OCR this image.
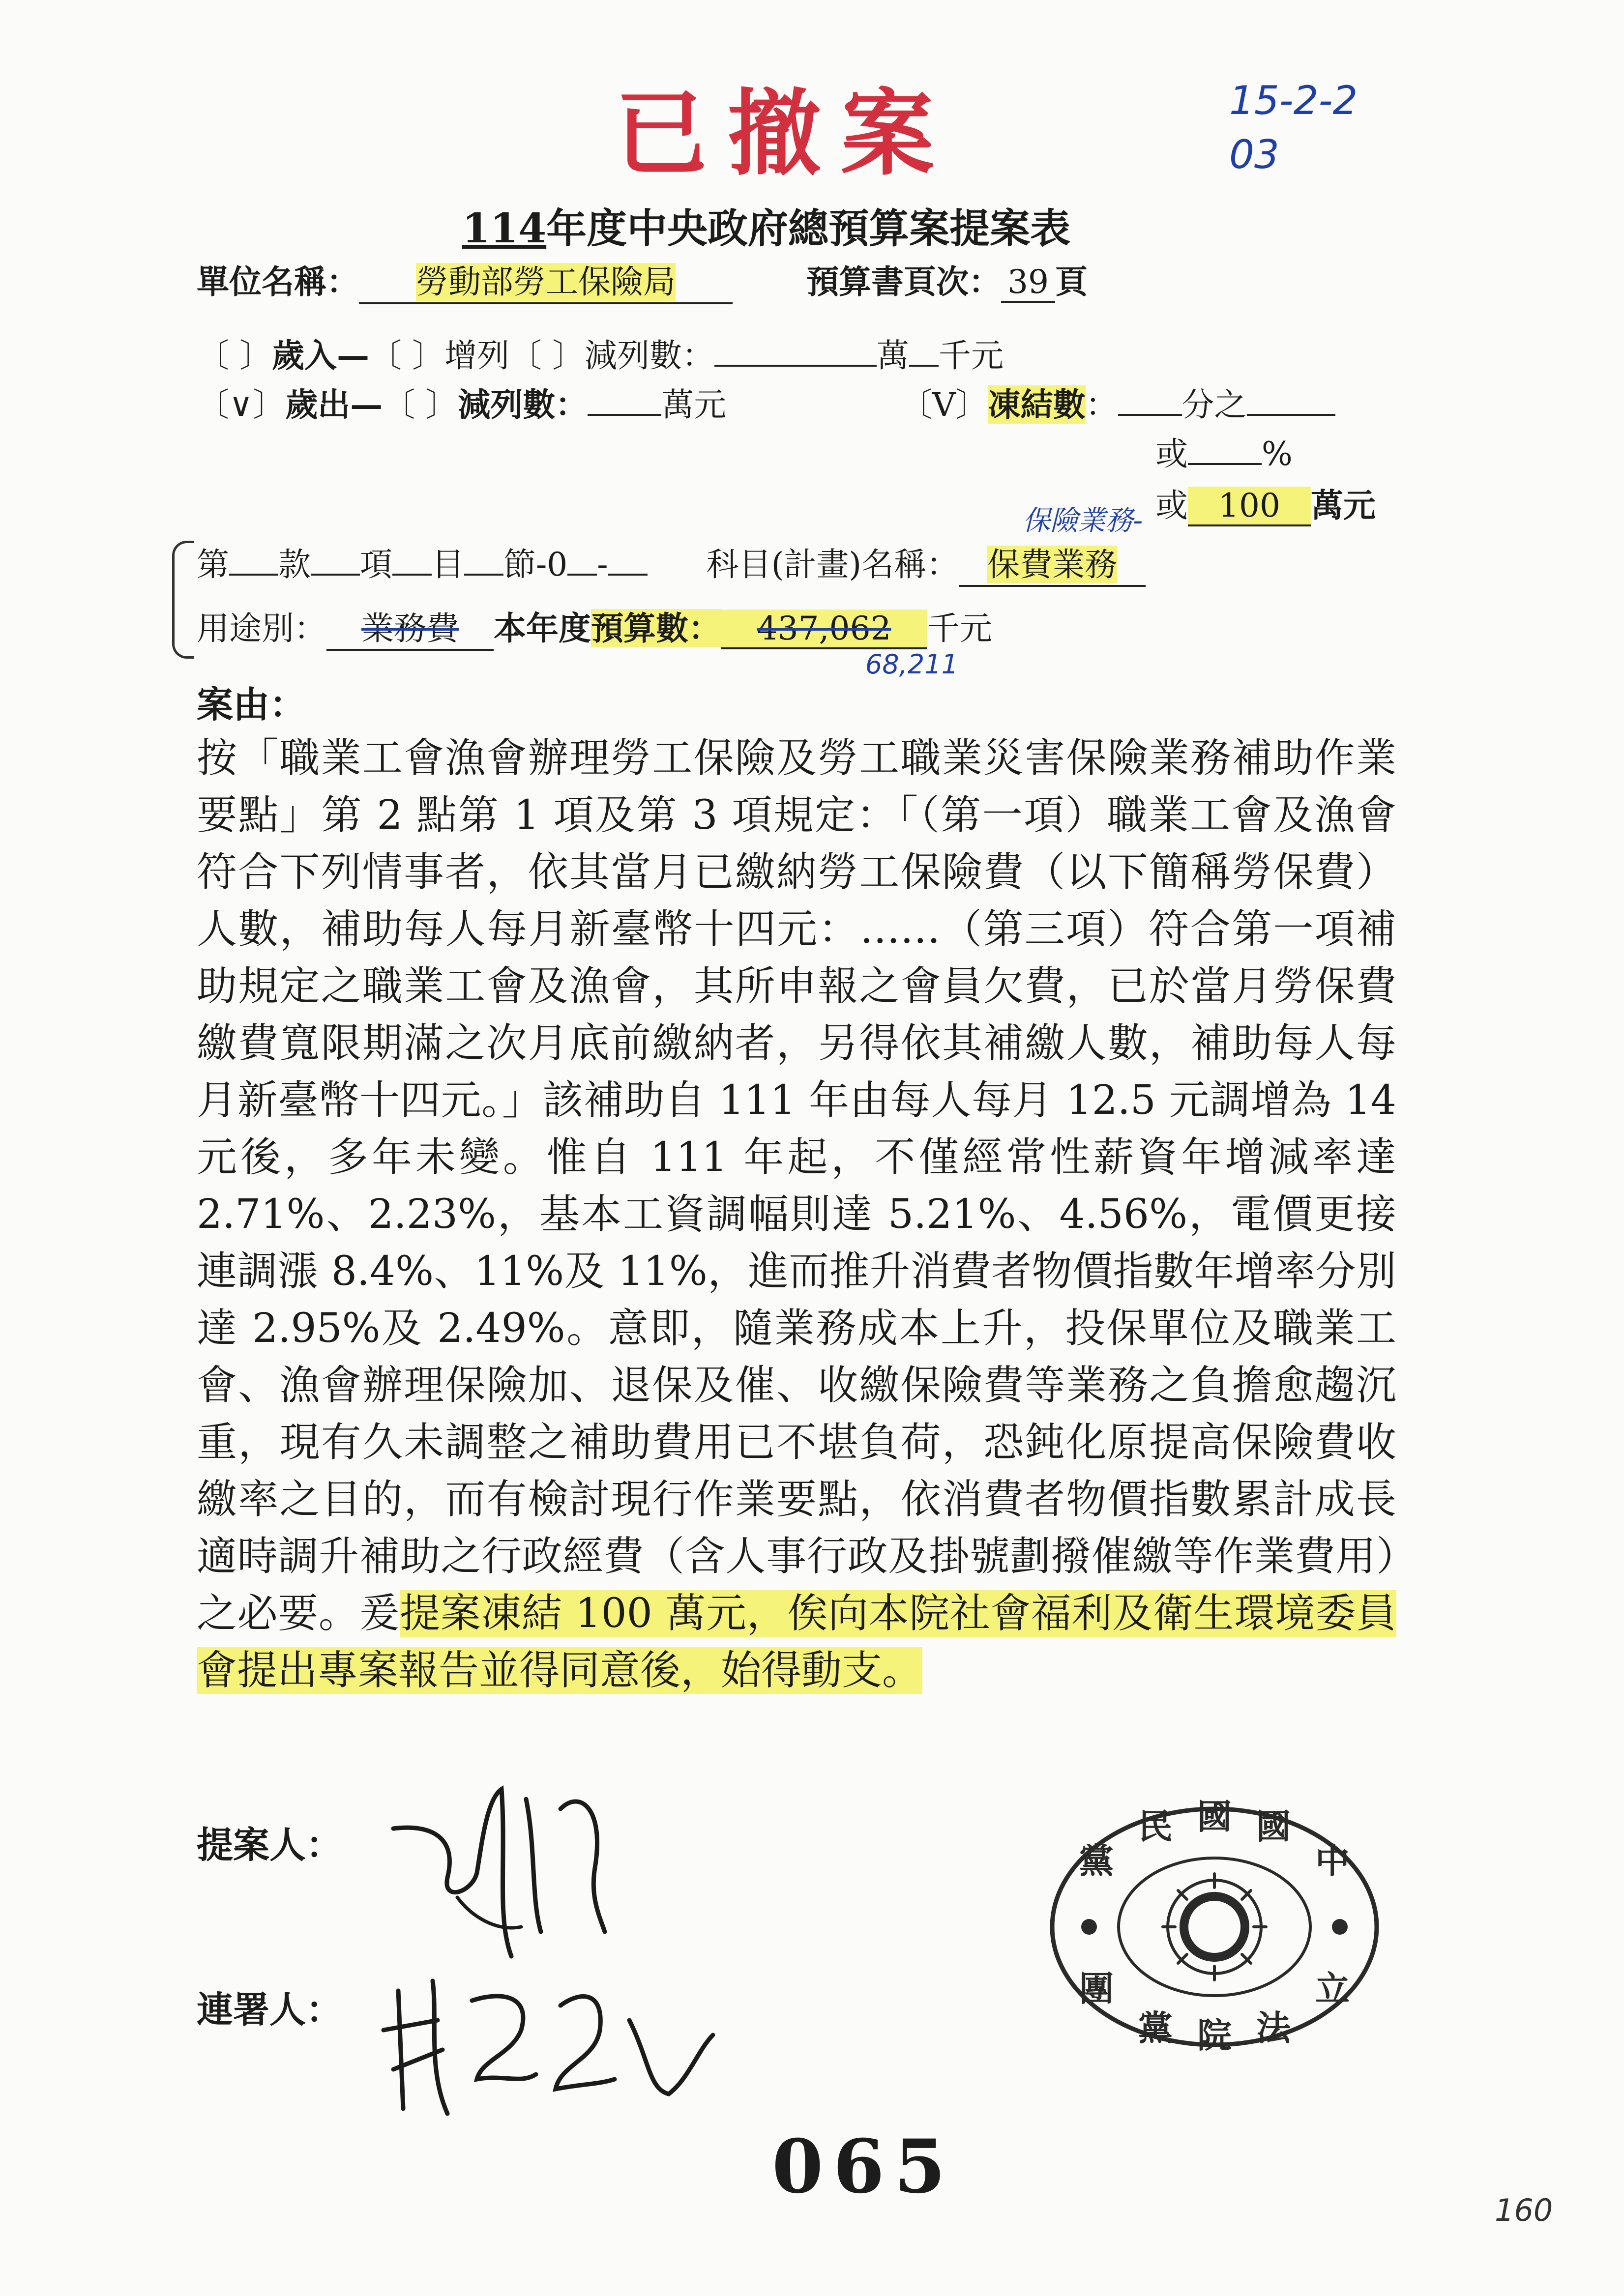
已撤案	15-2-2
03
114年度中央政府總預算案提案表
單位名稱： 勞動部勞工保險局	預算書頁次： 39 頁
〔 〕歲入—〔 〕增列〔 〕減列數：	萬 千元
〔∨〕歲出—〔 〕減列數： 萬元	〔V〕凍結數： 分之
或 %
或 100 萬元
保險業務-
第 款 項 目 節-0 -	科目(計畫)名稱： 保費業務
用途別： 業務費 本年度預算數： 437,062 千元
68,211
案由：
按「職業工會漁會辦理勞工保險及勞工職業災害保險業務補助作業要點」第 2 點第 1 項及第 3 項規定：「（第一項）職業工會及漁會符合下列情事者，依其當月已繳納勞工保險費（以下簡稱勞保費）人數，補助每人每月新臺幣十四元：……（第三項）符合第一項補助規定之職業工會及漁會，其所申報之會員欠費，已於當月勞保費繳費寬限期滿之次月底前繳納者，另得依其補繳人數，補助每人每月新臺幣十四元。」該補助自 111 年由每人每月 12.5 元調增為 14 元後，多年未變。惟自 111 年起，不僅經常性薪資年增減率達 2.71%、2.23%，基本工資調幅則達 5.21%、4.56%，電價更接連調漲 8.4%、11%及 11%，進而推升消費者物價指數年增率分別達 2.95%及 2.49%。意即，隨業務成本上升，投保單位及職業工會、漁會辦理保險加、退保及催、收繳保險費等業務之負擔愈趨沉重，現有久未調整之補助費用已不堪負荷，恐鈍化原提高保險費收繳率之目的，而有檢討現行作業要點，依消費者物價指數累計成長適時調升補助之行政經費（含人事行政及掛號劃撥催繳等作業費用）之必要。爰提案凍結 100 萬元，俟向本院社會福利及衛生環境委員會提出專案報告並得同意後，始得動支。
提案人：
連署人：
中
國
國
民
黨
立
法
院
黨
團
065
160
